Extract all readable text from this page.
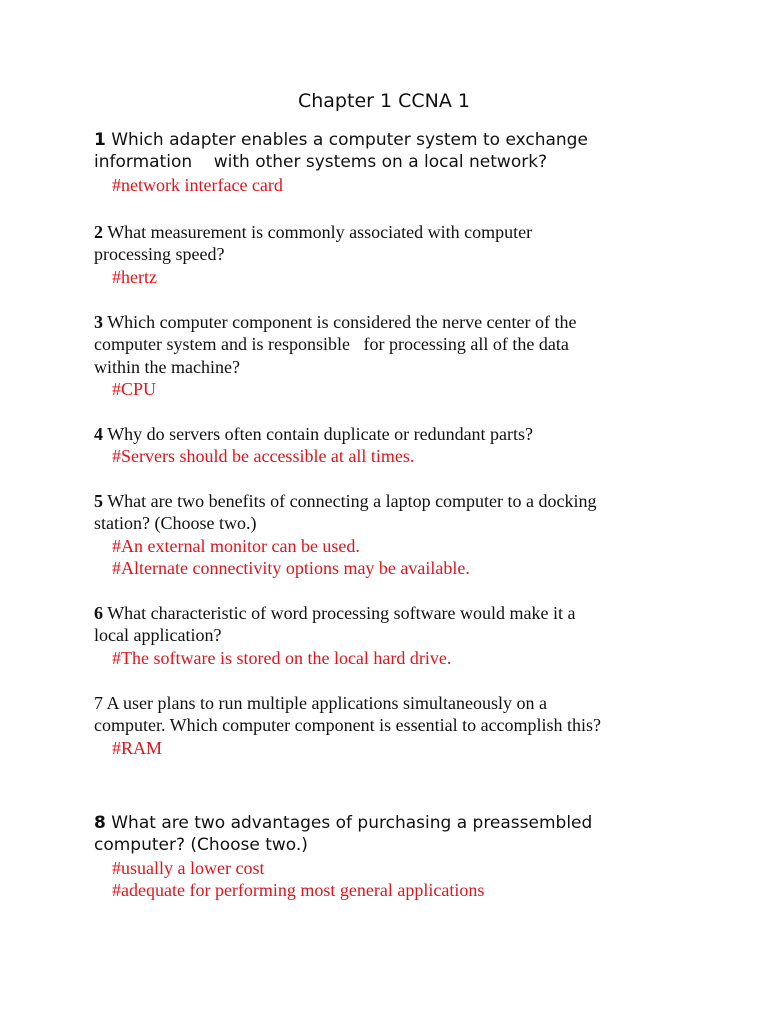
Chapter 1 CCNA 1

1 Which adapter enables a computer system to exchange
information    with other systems on a local network?

#network interface card

2 What measurement is commonly associated with computer
processing speed?

#hertz

3 Which computer component is considered the nerve center of the
computer system and is responsible   for processing all of the data
within the machine?

#CPU

4 Why do servers often contain duplicate or redundant parts?

#Servers should be accessible at all times.

5 What are two benefits of connecting a laptop computer to a docking
station? (Choose two.)

#An external monitor can be used.

#Alternate connectivity options may be available.

6 What characteristic of word processing software would make it a
local application?

#The software is stored on the local hard drive.

7 A user plans to run multiple applications simultaneously on a
computer. Which computer component is essential to accomplish this?

#RAM

8 What are two advantages of purchasing a preassembled
computer? (Choose two.)

#usually a lower cost

#adequate for performing most general applications
